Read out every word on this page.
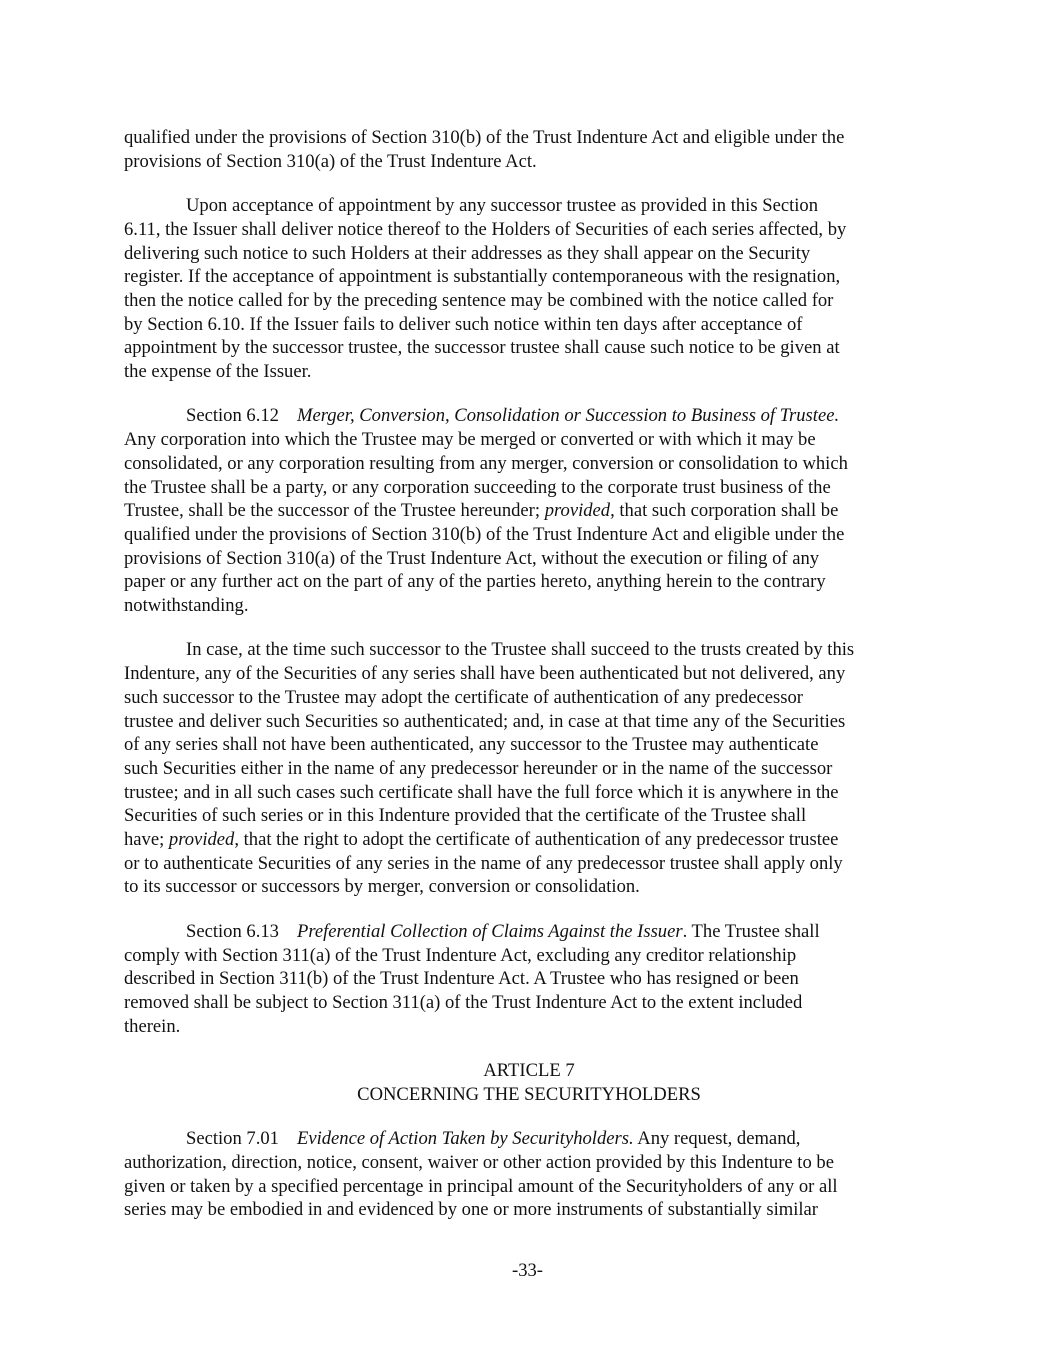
qualified under the provisions of Section 310(b) of the Trust Indenture Act and eligible under the
provisions of Section 310(a) of the Trust Indenture Act.

Upon acceptance of appointment by any successor trustee as provided in this Section
6.11, the Issuer shall deliver notice thereof to the Holders of Securities of each series affected, by
delivering such notice to such Holders at their addresses as they shall appear on the Security
register. If the acceptance of appointment is substantially contemporaneous with the resignation,
then the notice called for by the preceding sentence may be combined with the notice called for
by Section 6.10. If the Issuer fails to deliver such notice within ten days after acceptance of
appointment by the successor trustee, the successor trustee shall cause such notice to be given at
the expense of the Issuer.

Section 6.12 Merger, Conversion, Consolidation or Succession to Business of Trustee.
Any corporation into which the Trustee may be merged or converted or with which it may be
consolidated, or any corporation resulting from any merger, conversion or consolidation to which
the Trustee shall be a party, or any corporation succeeding to the corporate trust business of the
Trustee, shall be the successor of the Trustee hereunder; provided, that such corporation shall be
qualified under the provisions of Section 310(b) of the Trust Indenture Act and eligible under the
provisions of Section 310(a) of the Trust Indenture Act, without the execution or filing of any
paper or any further act on the part of any of the parties hereto, anything herein to the contrary
notwithstanding.

In case, at the time such successor to the Trustee shall succeed to the trusts created by this
Indenture, any of the Securities of any series shall have been authenticated but not delivered, any
such successor to the Trustee may adopt the certificate of authentication of any predecessor
trustee and deliver such Securities so authenticated; and, in case at that time any of the Securities
of any series shall not have been authenticated, any successor to the Trustee may authenticate
such Securities either in the name of any predecessor hereunder or in the name of the successor
trustee; and in all such cases such certificate shall have the full force which it is anywhere in the
Securities of such series or in this Indenture provided that the certificate of the Trustee shall
have; provided, that the right to adopt the certificate of authentication of any predecessor trustee
or to authenticate Securities of any series in the name of any predecessor trustee shall apply only
to its successor or successors by merger, conversion or consolidation.

Section 6.13 Preferential Collection of Claims Against the Issuer. The Trustee shall
comply with Section 311(a) of the Trust Indenture Act, excluding any creditor relationship
described in Section 311(b) of the Trust Indenture Act. A Trustee who has resigned or been
removed shall be subject to Section 311(a) of the Trust Indenture Act to the extent included
therein.

ARTICLE 7
CONCERNING THE SECURITYHOLDERS

Section 7.01 Evidence of Action Taken by Securityholders. Any request, demand,
authorization, direction, notice, consent, waiver or other action provided by this Indenture to be
given or taken by a specified percentage in principal amount of the Securityholders of any or all
series may be embodied in and evidenced by one or more instruments of substantially similar

-33-
